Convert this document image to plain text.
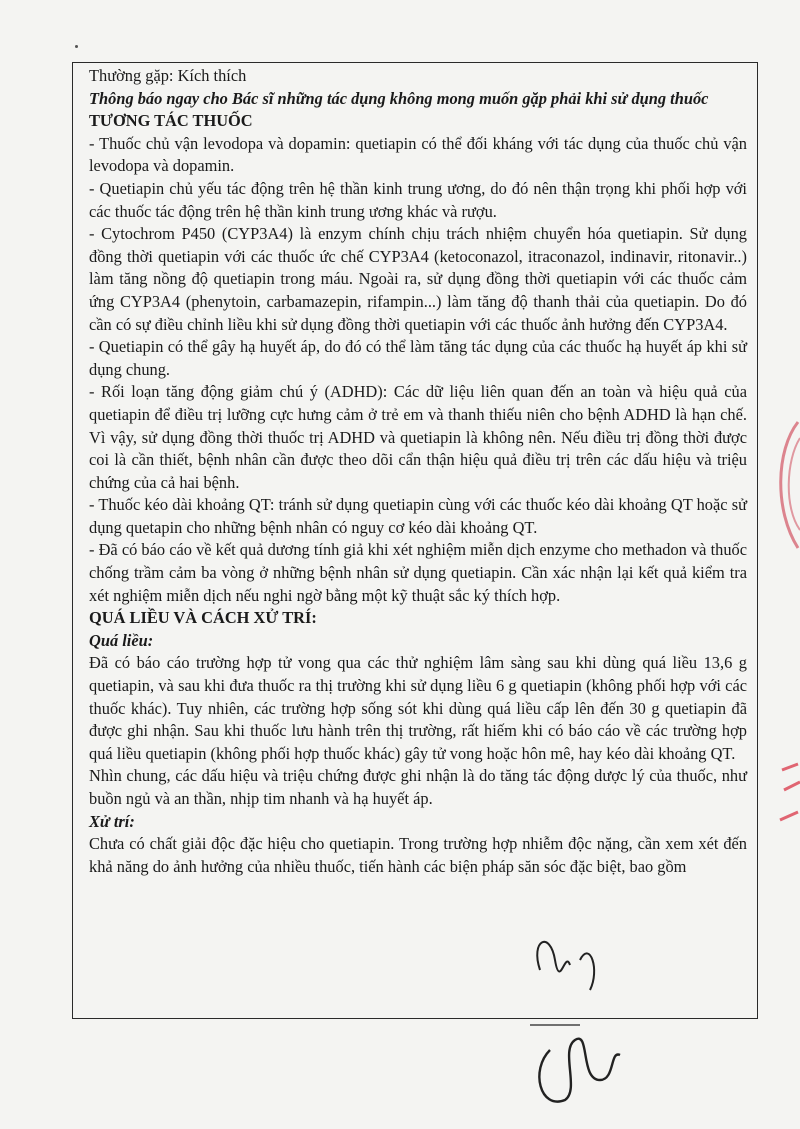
Thường gặp: Kích thích

Thông báo ngay cho Bác sĩ những tác dụng không mong muốn gặp phải khi sử dụng thuốc

TƯƠNG TÁC THUỐC

- Thuốc chủ vận levodopa và dopamin: quetiapin có thể đối kháng với tác dụng của thuốc chủ vận levodopa và dopamin.

- Quetiapin chủ yếu tác động trên hệ thần kinh trung ương, do đó nên thận trọng khi phối hợp với các thuốc tác động trên hệ thần kinh trung ương khác và rượu.

- Cytochrom P450 (CYP3A4) là enzym chính chịu trách nhiệm chuyển hóa quetiapin. Sử dụng đồng thời quetiapin với các thuốc ức chế CYP3A4 (ketoconazol, itraconazol, indinavir, ritonavir..) làm tăng nồng độ quetiapin trong máu. Ngoài ra, sử dụng đồng thời quetiapin với các thuốc cảm ứng CYP3A4 (phenytoin, carbamazepin, rifampin...) làm tăng độ thanh thải của quetiapin. Do đó cần có sự điều chỉnh liều khi sử dụng đồng thời quetiapin với các thuốc ảnh hưởng đến CYP3A4.

- Quetiapin có thể gây hạ huyết áp, do đó có thể làm tăng tác dụng của các thuốc hạ huyết áp khi sử dụng chung.

- Rối loạn tăng động giảm chú ý (ADHD): Các dữ liệu liên quan đến an toàn và hiệu quả của quetiapin để điều trị lưỡng cực hưng cảm ở trẻ em và thanh thiếu niên cho bệnh ADHD là hạn chế. Vì vậy, sử dụng đồng thời thuốc trị ADHD và quetiapin là không nên. Nếu điều trị đồng thời được coi là cần thiết, bệnh nhân cần được theo dõi cẩn thận hiệu quả điều trị trên các dấu hiệu và triệu chứng của cả hai bệnh.

- Thuốc kéo dài khoảng QT: tránh sử dụng quetiapin cùng với các thuốc kéo dài khoảng QT hoặc sử dụng quetapin cho những bệnh nhân có nguy cơ kéo dài khoảng QT.

- Đã có báo cáo về kết quả dương tính giả khi xét nghiệm miễn dịch enzyme cho methadon và thuốc chống trầm cảm ba vòng ở những bệnh nhân sử dụng quetiapin. Cần xác nhận lại kết quả kiểm tra xét nghiệm miễn dịch nếu nghi ngờ bằng một kỹ thuật sắc ký thích hợp.

QUÁ LIỀU VÀ CÁCH XỬ TRÍ:

Quá liều:

Đã có báo cáo trường hợp tử vong qua các thử nghiệm lâm sàng sau khi dùng quá liều 13,6 g quetiapin, và sau khi đưa thuốc ra thị trường khi sử dụng liều 6 g quetiapin (không phối hợp với các thuốc khác). Tuy nhiên, các trường hợp sống sót khi dùng quá liều cấp lên đến 30 g quetiapin đã được ghi nhận. Sau khi thuốc lưu hành trên thị trường, rất hiếm khi có báo cáo về các trường hợp quá liều quetiapin (không phối hợp thuốc khác) gây tử vong hoặc hôn mê, hay kéo dài khoảng QT.

Nhìn chung, các dấu hiệu và triệu chứng được ghi nhận là do tăng tác động dược lý của thuốc, như buồn ngủ và an thần, nhịp tim nhanh và hạ huyết áp.

Xử trí:

Chưa có chất giải độc đặc hiệu cho quetiapin. Trong trường hợp nhiễm độc nặng, cần xem xét đến khả năng do ảnh hưởng của nhiều thuốc, tiến hành các biện pháp săn sóc đặc biệt, bao gồm
